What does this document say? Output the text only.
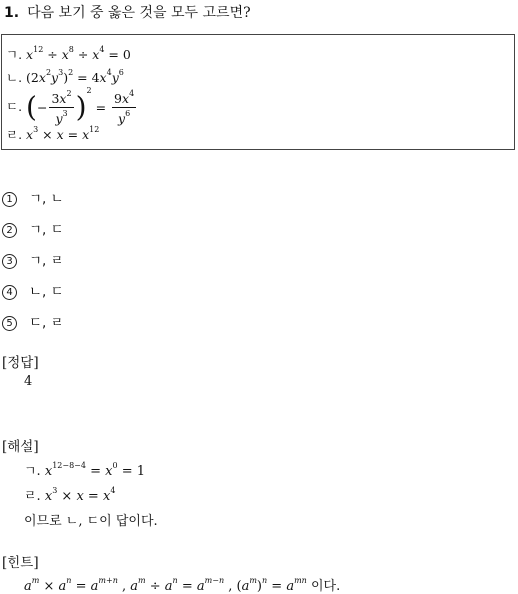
1. 다음 보기 중 옳은 것을 모두 고르면?
ㄱ. $x^{12} \div x^8 \div x^4 = 0$
ㄴ. $(2x^2y^3)^2 = 4x^4y^6$
ㄷ. (− $\frac{3x^2}{y^3} )^2 = \frac{9x^4}{y^6}$
ㄹ. $x^3 \times x = x^{12}$
1 ㄱ, ㄴ
2 ㄱ, ㄷ
3 ㄱ, ㄹ
4 ㄴ, ㄷ
5 ㄷ, ㄹ
[정답]
4
[해설]
ㄱ. $x^{12-8-4} = x^0 = 1$
ㄹ. $x^3 \times x = x^4$
이므로 ㄴ, ㄷ이 답이다.
[힌트]
$a^m \times a^n = a^{m+n}$ , $a^m \div a^n = a^{m-n}$ , $(a^m)^n = a^{mn}$ 이다.
